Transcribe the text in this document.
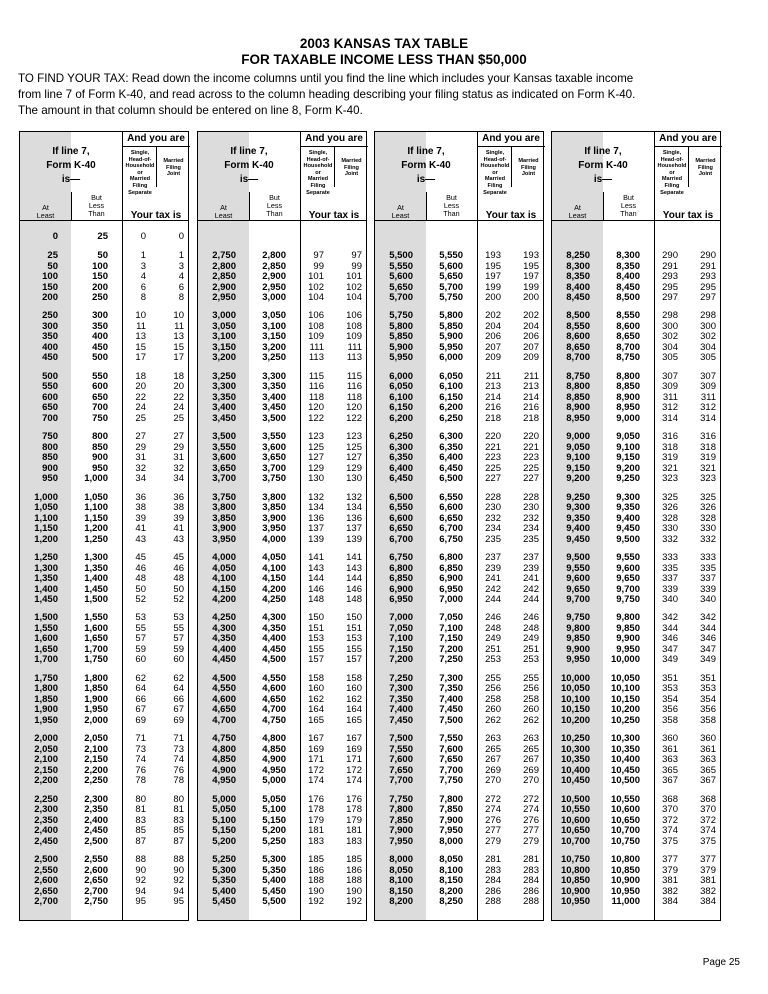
2003 KANSAS TAX TABLE
FOR TAXABLE INCOME LESS THAN $50,000
TO FIND YOUR TAX: Read down the income columns until you find the line which includes your Kansas taxable income
from line 7 of Form K-40, and read across to the column heading describing your filing status as indicated on Form K-40.
The amount in that column should be entered on line 8, Form K-40.
And you are
If line 7,
Form K-40
is—
Single,
Head-of-
Household
or
Married
Filing
Separate
Married
Filing
Joint
At
Least
But
Less
Than	Your tax is
0	25	0	0
25	50	1	1
50	100	3	3
100	150	4	4
150	200	6	6
200	250	8	8
250	300	10	10
300	350	11	11
350	400	13	13
400	450	15	15
450	500	17	17
500	550	18	18
550	600	20	20
600	650	22	22
650	700	24	24
700	750	25	25
750	800	27	27
800	850	29	29
850	900	31	31
900	950	32	32
950	1,000	34	34
1,000	1,050	36	36
1,050	1,100	38	38
1,100	1,150	39	39
1,150	1,200	41	41
1,200	1,250	43	43
1,250	1,300	45	45
1,300	1,350	46	46
1,350	1,400	48	48
1,400	1,450	50	50
1,450	1,500	52	52
1,500	1,550	53	53
1,550	1,600	55	55
1,600	1,650	57	57
1,650	1,700	59	59
1,700	1,750	60	60
1,750	1,800	62	62
1,800	1,850	64	64
1,850	1,900	66	66
1,900	1,950	67	67
1,950	2,000	69	69
2,000	2,050	71	71
2,050	2,100	73	73
2,100	2,150	74	74
2,150	2,200	76	76
2,200	2,250	78	78
2,250	2,300	80	80
2,300	2,350	81	81
2,350	2,400	83	83
2,400	2,450	85	85
2,450	2,500	87	87
2,500	2,550	88	88
2,550	2,600	90	90
2,600	2,650	92	92
2,650	2,700	94	94
2,700	2,750	95	95
And you are
If line 7,
Form K-40
is—
Single,
Head-of-
Household
or
Married
Filing
Separate
Married
Filing
Joint
At
Least
But
Less
Than	Your tax is
2,750	2,800	97	97
2,800	2,850	99	99
2,850	2,900 101 101
2,900	2,950 102 102
2,950	3,000 104 104
3,000	3,050 106 106
3,050	3,100 108 108
3,100	3,150 109 109
3,150	3,200 111 111
3,200	3,250 113 113
3,250	3,300 115 115
3,300	3,350 116 116
3,350	3,400 118 118
3,400	3,450 120 120
3,450	3,500 122 122
3,500	3,550 123 123
3,550	3,600 125 125
3,600	3,650 127 127
3,650	3,700 129 129
3,700	3,750 130 130
3,750	3,800 132 132
3,800	3,850 134 134
3,850	3,900 136 136
3,900	3,950 137 137
3,950	4,000 139 139
4,000	4,050 141 141
4,050	4,100 143 143
4,100	4,150 144 144
4,150	4,200 146 146
4,200	4,250 148 148
4,250	4,300 150 150
4,300	4,350 151 151
4,350	4,400 153 153
4,400	4,450 155 155
4,450	4,500 157 157
4,500	4,550 158 158
4,550	4,600 160 160
4,600	4,650 162 162
4,650	4,700 164 164
4,700	4,750 165 165
4,750	4,800 167 167
4,800	4,850 169 169
4,850	4,900 171 171
4,900	4,950 172 172
4,950	5,000 174 174
5,000	5,050 176 176
5,050	5,100 178 178
5,100	5,150 179 179
5,150	5,200 181 181
5,200	5,250 183 183
5,250	5,300 185 185
5,300	5,350 186 186
5,350	5,400 188 188
5,400	5,450 190 190
5,450	5,500 192 192
And you are
If line 7,
Form K-40
is—
Single,
Head-of-
Household
or
Married
Filing
Separate
Married
Filing
Joint
At
Least
But
Less
Than	Your tax is
5,500	5,550 193 193
5,550	5,600 195 195
5,600	5,650 197 197
5,650	5,700 199 199
5,700	5,750 200 200
5,750	5,800 202 202
5,800	5,850 204 204
5,850	5,900 206 206
5,900	5,950 207 207
5,950	6,000 209 209
6,000	6,050 211 211
6,050	6,100 213 213
6,100	6,150 214 214
6,150	6,200 216 216
6,200	6,250 218 218
6,250	6,300 220 220
6,300	6,350 221 221
6,350	6,400 223 223
6,400	6,450 225 225
6,450	6,500 227 227
6,500	6,550 228 228
6,550	6,600 230 230
6,600	6,650 232 232
6,650	6,700 234 234
6,700	6,750 235 235
6,750	6,800 237 237
6,800	6,850 239 239
6,850	6,900 241 241
6,900	6,950 242 242
6,950	7,000 244 244
7,000	7,050 246 246
7,050	7,100 248 248
7,100	7,150 249 249
7,150	7,200 251 251
7,200	7,250 253 253
7,250	7,300 255 255
7,300	7,350 256 256
7,350	7,400 258 258
7,400	7,450 260 260
7,450	7,500 262 262
7,500	7,550 263 263
7,550	7,600 265 265
7,600	7,650 267 267
7,650	7,700 269 269
7,700	7,750 270 270
7,750	7,800 272 272
7,800	7,850 274 274
7,850	7,900 276 276
7,900	7,950 277 277
7,950	8,000 279 279
8,000	8,050 281 281
8,050	8,100 283 283
8,100	8,150 284 284
8,150	8,200 286 286
8,200	8,250 288 288
And you are
If line 7,
Form K-40
is—
Single,
Head-of-
Household
or
Married
Filing
Separate
Married
Filing
Joint
At
Least
But
Less
Than	Your tax is
8,250	8,300 290 290
8,300	8,350 291 291
8,350	8,400 293 293
8,400	8,450 295 295
8,450	8,500 297 297
8,500	8,550 298 298
8,550	8,600 300 300
8,600	8,650 302 302
8,650	8,700 304 304
8,700	8,750 305 305
8,750	8,800 307 307
8,800	8,850 309 309
8,850	8,900 311 311
8,900	8,950 312 312
8,950	9,000 314 314
9,000	9,050 316 316
9,050	9,100 318 318
9,100	9,150 319 319
9,150	9,200 321 321
9,200	9,250 323 323
9,250	9,300 325 325
9,300	9,350 326 326
9,350	9,400 328 328
9,400	9,450 330 330
9,450	9,500 332 332
9,500	9,550 333 333
9,550	9,600 335 335
9,600	9,650 337 337
9,650	9,700 339 339
9,700	9,750 340 340
9,750	9,800 342 342
9,800	9,850 344 344
9,850	9,900 346 346
9,900	9,950 347 347
9,950 10,000 349 349
10,000 10,050 351 351
10,050 10,100 353 353
10,100 10,150 354 354
10,150 10,200 356 356
10,200 10,250 358 358
10,250 10,300 360 360
10,300 10,350 361 361
10,350 10,400 363 363
10,400 10,450 365 365
10,450 10,500 367 367
10,500 10,550 368 368
10,550 10,600 370 370
10,600 10,650 372 372
10,650 10,700 374 374
10,700 10,750 375 375
10,750 10,800 377 377
10,800 10,850 379 379
10,850 10,900 381 381
10,900 10,950 382 382
10,950 11,000 384 384
Page 25
